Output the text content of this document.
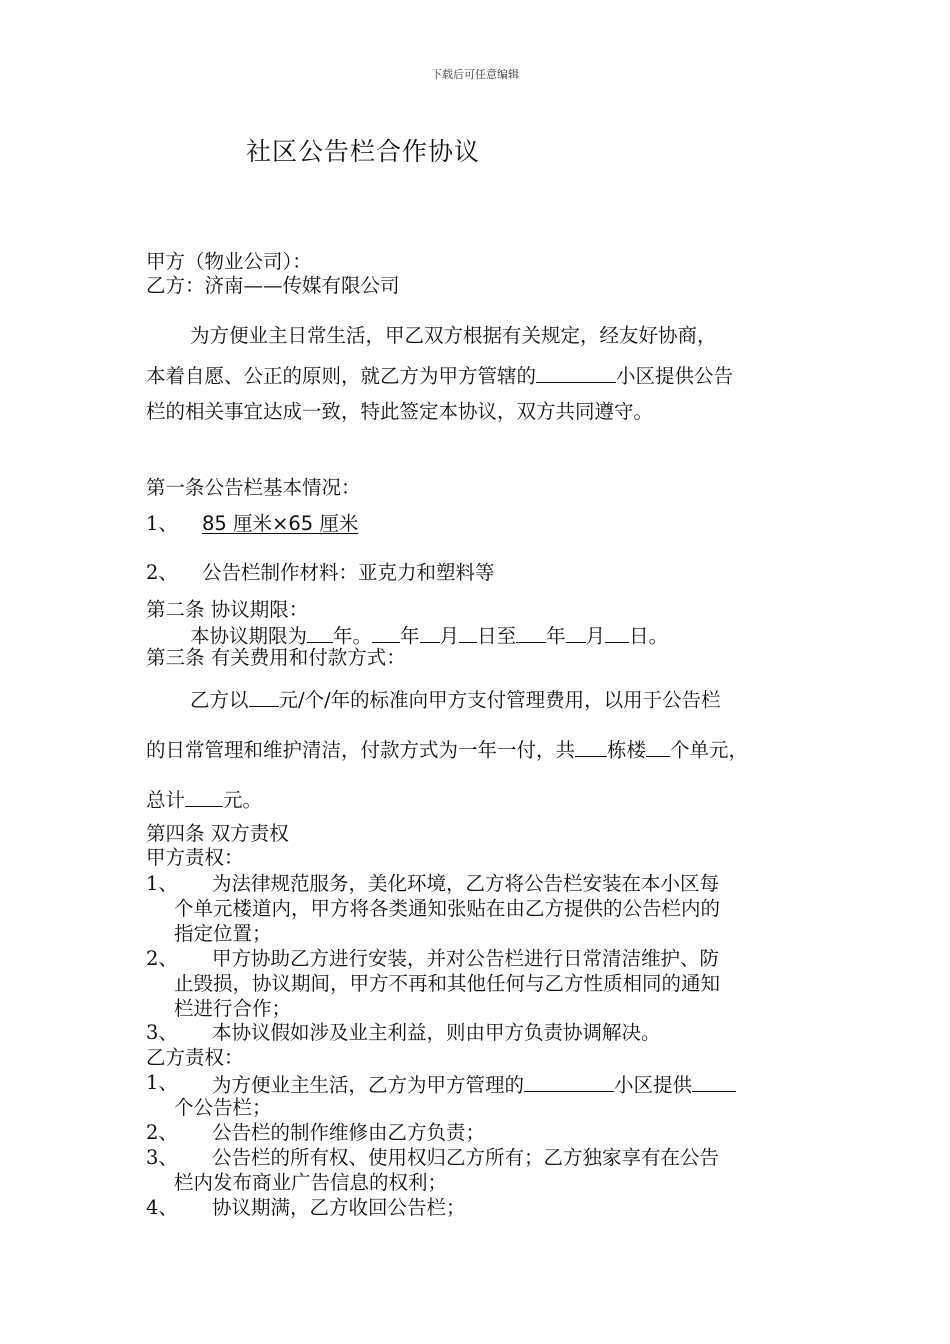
下载后可任意编辑
社区公告栏合作协议
甲方（物业公司）：
乙方：济南——传媒有限公司
为方便业主日常生活，甲乙双方根据有关规定，经友好协商，
本着自愿、公正的原则，就乙方为甲方管辖的	小区提供公告
栏的相关事宜达成一致，特此签定本协议，双方共同遵守。
第一条公告栏基本情况：
1、 85 厘米×65 厘米
2、 公告栏制作材料：亚克力和塑料等
第二条 协议期限：
本协议期限为 年。 年 月 日至 年 月 日。
第三条 有关费用和付款方式：
乙方以 元/个/年的标准向甲方支付管理费用，以用于公告栏
的日常管理和维护清洁，付款方式为一年一付，共 栋楼 个单元，
总计 元。
第四条 双方责权
甲方责权：
1、 为法律规范服务，美化环境，乙方将公告栏安装在本小区每
个单元楼道内，甲方将各类通知张贴在由乙方提供的公告栏内的
指定位置；
2、 甲方协助乙方进行安装，并对公告栏进行日常清洁维护、防
止毁损，协议期间，甲方不再和其他任何与乙方性质相同的通知
栏进行合作；
3、 本协议假如涉及业主利益，则由甲方负责协调解决。
乙方责权：
1、 为方便业主生活，乙方为甲方管理的	小区提供
个公告栏；
2、 公告栏的制作维修由乙方负责；
3、 公告栏的所有权、使用权归乙方所有；乙方独家享有在公告
栏内发布商业广告信息的权利；
4、 协议期满，乙方收回公告栏；
